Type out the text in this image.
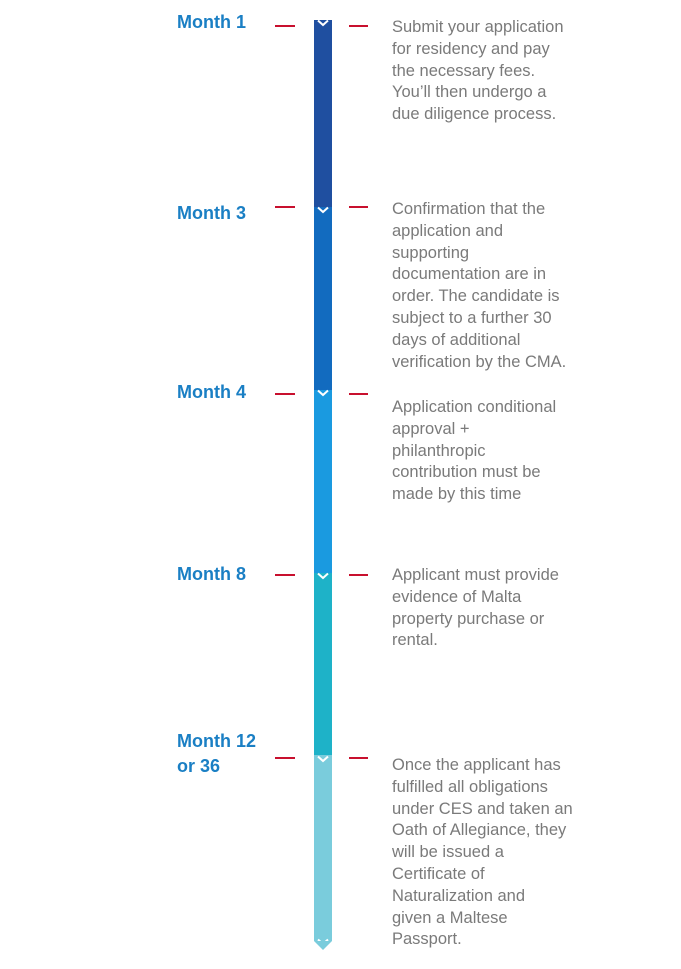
Month 1	Submit your application
for residency and pay
the necessary fees.
You’ll then undergo a
due diligence process.
Month 3	Confirmation that the
application and
supporting
documentation are in
order. The candidate is
subject to a further 30
days of additional
verification by the CMA.
Month 4
Application conditional
approval +
philanthropic
contribution must be
made by this time
Month 8	Applicant must provide
evidence of Malta
property purchase or
rental.
Month 12
or 36	Once the applicant has
fulfilled all obligations
under CES and taken an
Oath of Allegiance, they
will be issued a
Certificate of
Naturalization and
given a Maltese
Passport.
